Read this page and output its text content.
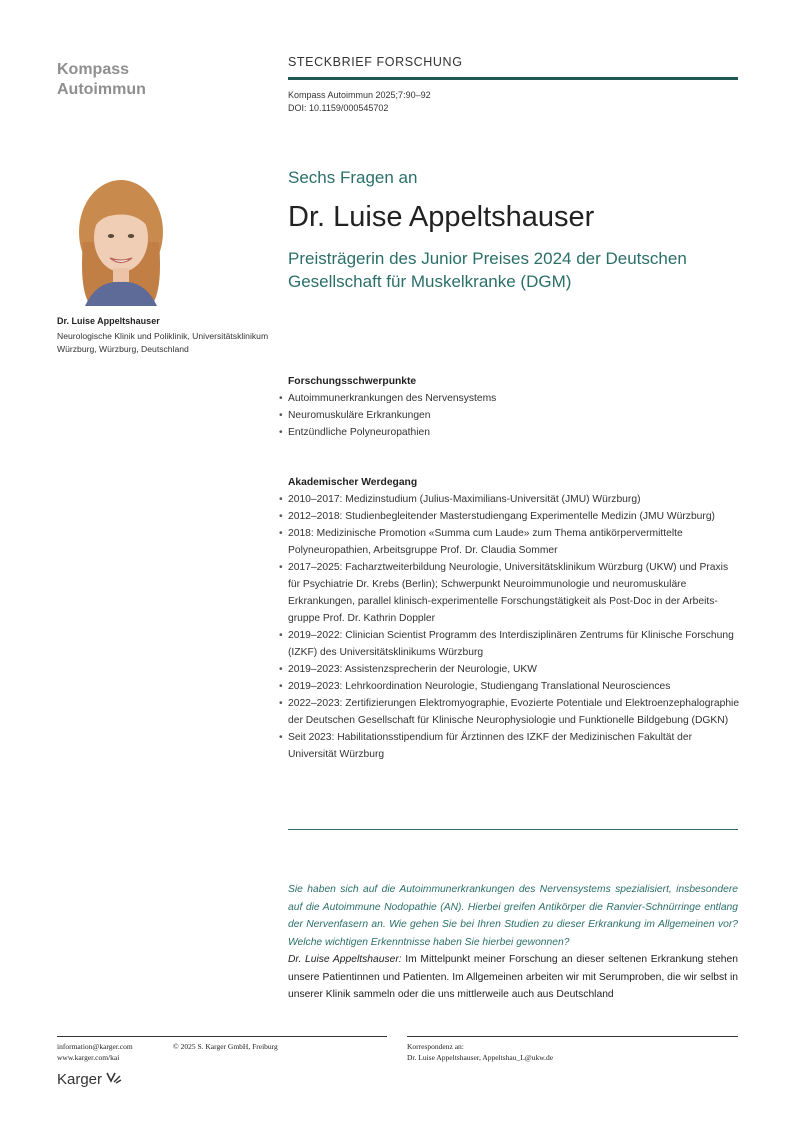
Kompass
Autoimmun
STECKBRIEF FORSCHUNG
Kompass Autoimmun 2025;7:90–92
DOI: 10.1159/000545702
Dr. Luise Appeltshauser
Neurologische Klinik und Poliklinik, Universitätsklinikum Würzburg, Würzburg, Deutschland
Sechs Fragen an
Dr. Luise Appeltshauser
Preisträgerin des Junior Preises 2024 der Deutschen Gesellschaft für Muskelkranke (DGM)
Forschungsschwerpunkte
• Autoimmunerkrankungen des Nervensystems
• Neuromuskuläre Erkrankungen
• Entzündliche Polyneuropathien
Akademischer Werdegang
• 2010–2017: Medizinstudium (Julius-Maximilians-Universität (JMU) Würzburg)
• 2012–2018: Studienbegleitender Masterstudiengang Experimentelle Medizin (JMU Würzburg)
• 2018: Medizinische Promotion «Summa cum Laude» zum Thema antikörpervermittelte Polyneuropathien, Arbeitsgruppe Prof. Dr. Claudia Sommer
• 2017–2025: Facharztweiterbildung Neurologie, Universitätsklinikum Würzburg (UKW) und Praxis für Psychiatrie Dr. Krebs (Berlin); Schwerpunkt Neuroimmunologie und neuromuskuläre Erkrankungen, parallel klinisch-experimentelle Forschungstätigkeit als Post-Doc in der Arbeitsgruppe Prof. Dr. Kathrin Doppler
• 2019–2022: Clinician Scientist Programm des Interdisziplinären Zentrums für Klinische Forschung (IZKF) des Universitätsklinikums Würzburg
• 2019–2023: Assistenzsprecherin der Neurologie, UKW
• 2019–2023: Lehrkoordination Neurologie, Studiengang Translational Neurosciences
• 2022–2023: Zertifizierungen Elektromyographie, Evozierte Potentiale und Elektroenzephalographie der Deutschen Gesellschaft für Klinische Neurophysiologie und Funktionelle Bildgebung (DGKN)
• Seit 2023: Habilitationsstipendium für Ärztinnen des IZKF der Medizinischen Fakultät der Universität Würzburg
Sie haben sich auf die Autoimmunerkrankungen des Nervensystems spezialisiert, insbesondere auf die Autoimmune Nodopathie (AN). Hierbei greifen Antikörper die Ranvier-Schnürringe entlang der Nervenfasern an. Wie gehen Sie bei Ihren Studien zu dieser Erkrankung im Allgemeinen vor? Welche wichtigen Erkenntnisse haben Sie hierbei gewonnen?
Dr. Luise Appeltshauser: Im Mittelpunkt meiner Forschung an dieser seltenen Erkrankung stehen unsere Patientinnen und Patienten. Im Allgemeinen arbeiten wir mit Serumproben, die wir selbst in unserer Klinik sammeln oder die uns mittlerweile auch aus Deutschland
information@karger.com
www.karger.com/kai
© 2025 S. Karger GmbH, Freiburg	Korrespondenz an:
Dr. Luise Appeltshauser, Appeltshau_L@ukw.de
Karger
